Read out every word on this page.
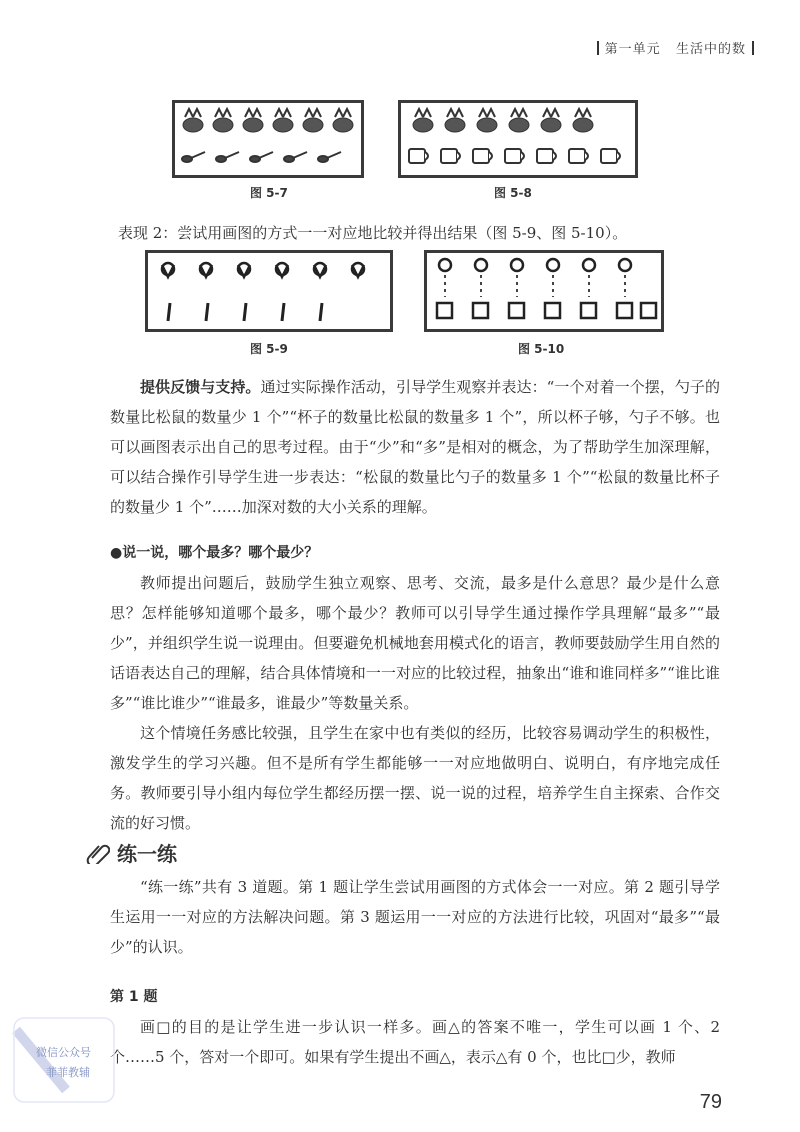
第一单元 生活中的数
图 5-7	图 5-8

表现 2：尝试用画图的方式一一对应地比较并得出结果（图 5-9、图 5-10）。

图 5-9	图 5-10

提供反馈与支持。通过实际操作活动，引导学生观察并表达：“一个对着一个摆，勺子的数量比松鼠的数量少 1 个”“杯子的数量比松鼠的数量多 1 个”，所以杯子够，勺子不够。也可以画图表示出自己的思考过程。由于“少”和“多”是相对的概念，为了帮助学生加深理解，可以结合操作引导学生进一步表达：“松鼠的数量比勺子的数量多 1 个”“松鼠的数量比杯子的数量少 1 个”……加深对数的大小关系的理解。

●说一说，哪个最多？哪个最少？

教师提出问题后，鼓励学生独立观察、思考、交流，最多是什么意思？最少是什么意思？怎样能够知道哪个最多，哪个最少？教师可以引导学生通过操作学具理解“最多”“最少”，并组织学生说一说理由。但要避免机械地套用模式化的语言，教师要鼓励学生用自然的话语表达自己的理解，结合具体情境和一一对应的比较过程，抽象出“谁和谁同样多”“谁比谁多”“谁比谁少”“谁最多，谁最少”等数量关系。

这个情境任务感比较强，且学生在家中也有类似的经历，比较容易调动学生的积极性，激发学生的学习兴趣。但不是所有学生都能够一一对应地做明白、说明白，有序地完成任务。教师要引导小组内每位学生都经历摆一摆、说一说的过程，培养学生自主探索、合作交流的好习惯。

练一练

“练一练”共有 3 道题。第 1 题让学生尝试用画图的方式体会一一对应。第 2 题引导学生运用一一对应的方法解决问题。第 3 题运用一一对应的方法进行比较，巩固对“最多”“最少”的认识。

第 1 题

画□的目的是让学生进一步认识一样多。画△的答案不唯一，学生可以画 1 个、2 个……5 个，答对一个即可。如果有学生提出不画△，表示△有 0 个，也比□少，教师

微信公众号
菲菲教辅
79
